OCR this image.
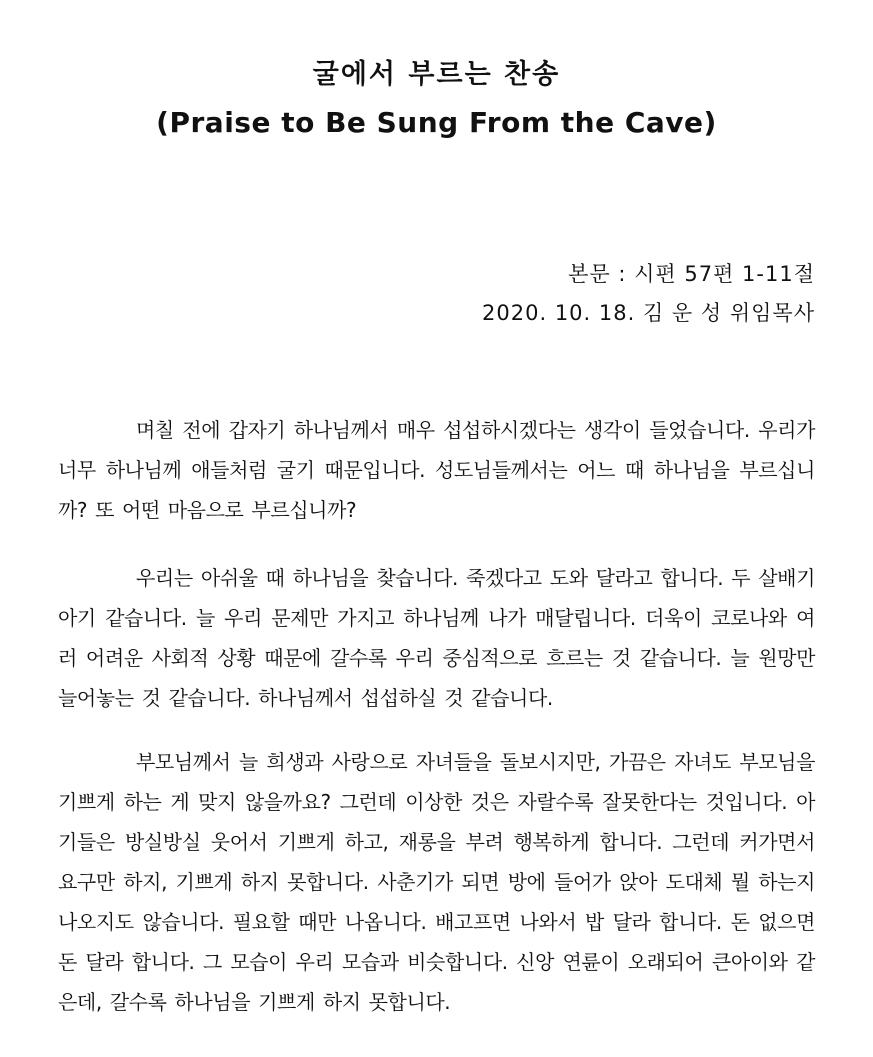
굴에서 부르는 찬송
(Praise to Be Sung From the Cave)
본문 : 시편 57편 1-11절
2020. 10. 18. 김 운 성 위임목사

며칠 전에 갑자기 하나님께서 매우 섭섭하시겠다는 생각이 들었습니다. 우리가 너무 하나님께 애들처럼 굴기 때문입니다. 성도님들께서는 어느 때 하나님을 부르십니까? 또 어떤 마음으로 부르십니까?

우리는 아쉬울 때 하나님을 찾습니다. 죽겠다고 도와 달라고 합니다. 두 살배기 아기 같습니다. 늘 우리 문제만 가지고 하나님께 나가 매달립니다. 더욱이 코로나와 여러 어려운 사회적 상황 때문에 갈수록 우리 중심적으로 흐르는 것 같습니다. 늘 원망만 늘어놓는 것 같습니다. 하나님께서 섭섭하실 것 같습니다.

부모님께서 늘 희생과 사랑으로 자녀들을 돌보시지만, 가끔은 자녀도 부모님을 기쁘게 하는 게 맞지 않을까요? 그런데 이상한 것은 자랄수록 잘못한다는 것입니다. 아기들은 방실방실 웃어서 기쁘게 하고, 재롱을 부려 행복하게 합니다. 그런데 커가면서 요구만 하지, 기쁘게 하지 못합니다. 사춘기가 되면 방에 들어가 앉아 도대체 뭘 하는지 나오지도 않습니다. 필요할 때만 나옵니다. 배고프면 나와서 밥 달라 합니다. 돈 없으면 돈 달라 합니다. 그 모습이 우리 모습과 비슷합니다. 신앙 연륜이 오래되어 큰아이와 같은데, 갈수록 하나님을 기쁘게 하지 못합니다.
